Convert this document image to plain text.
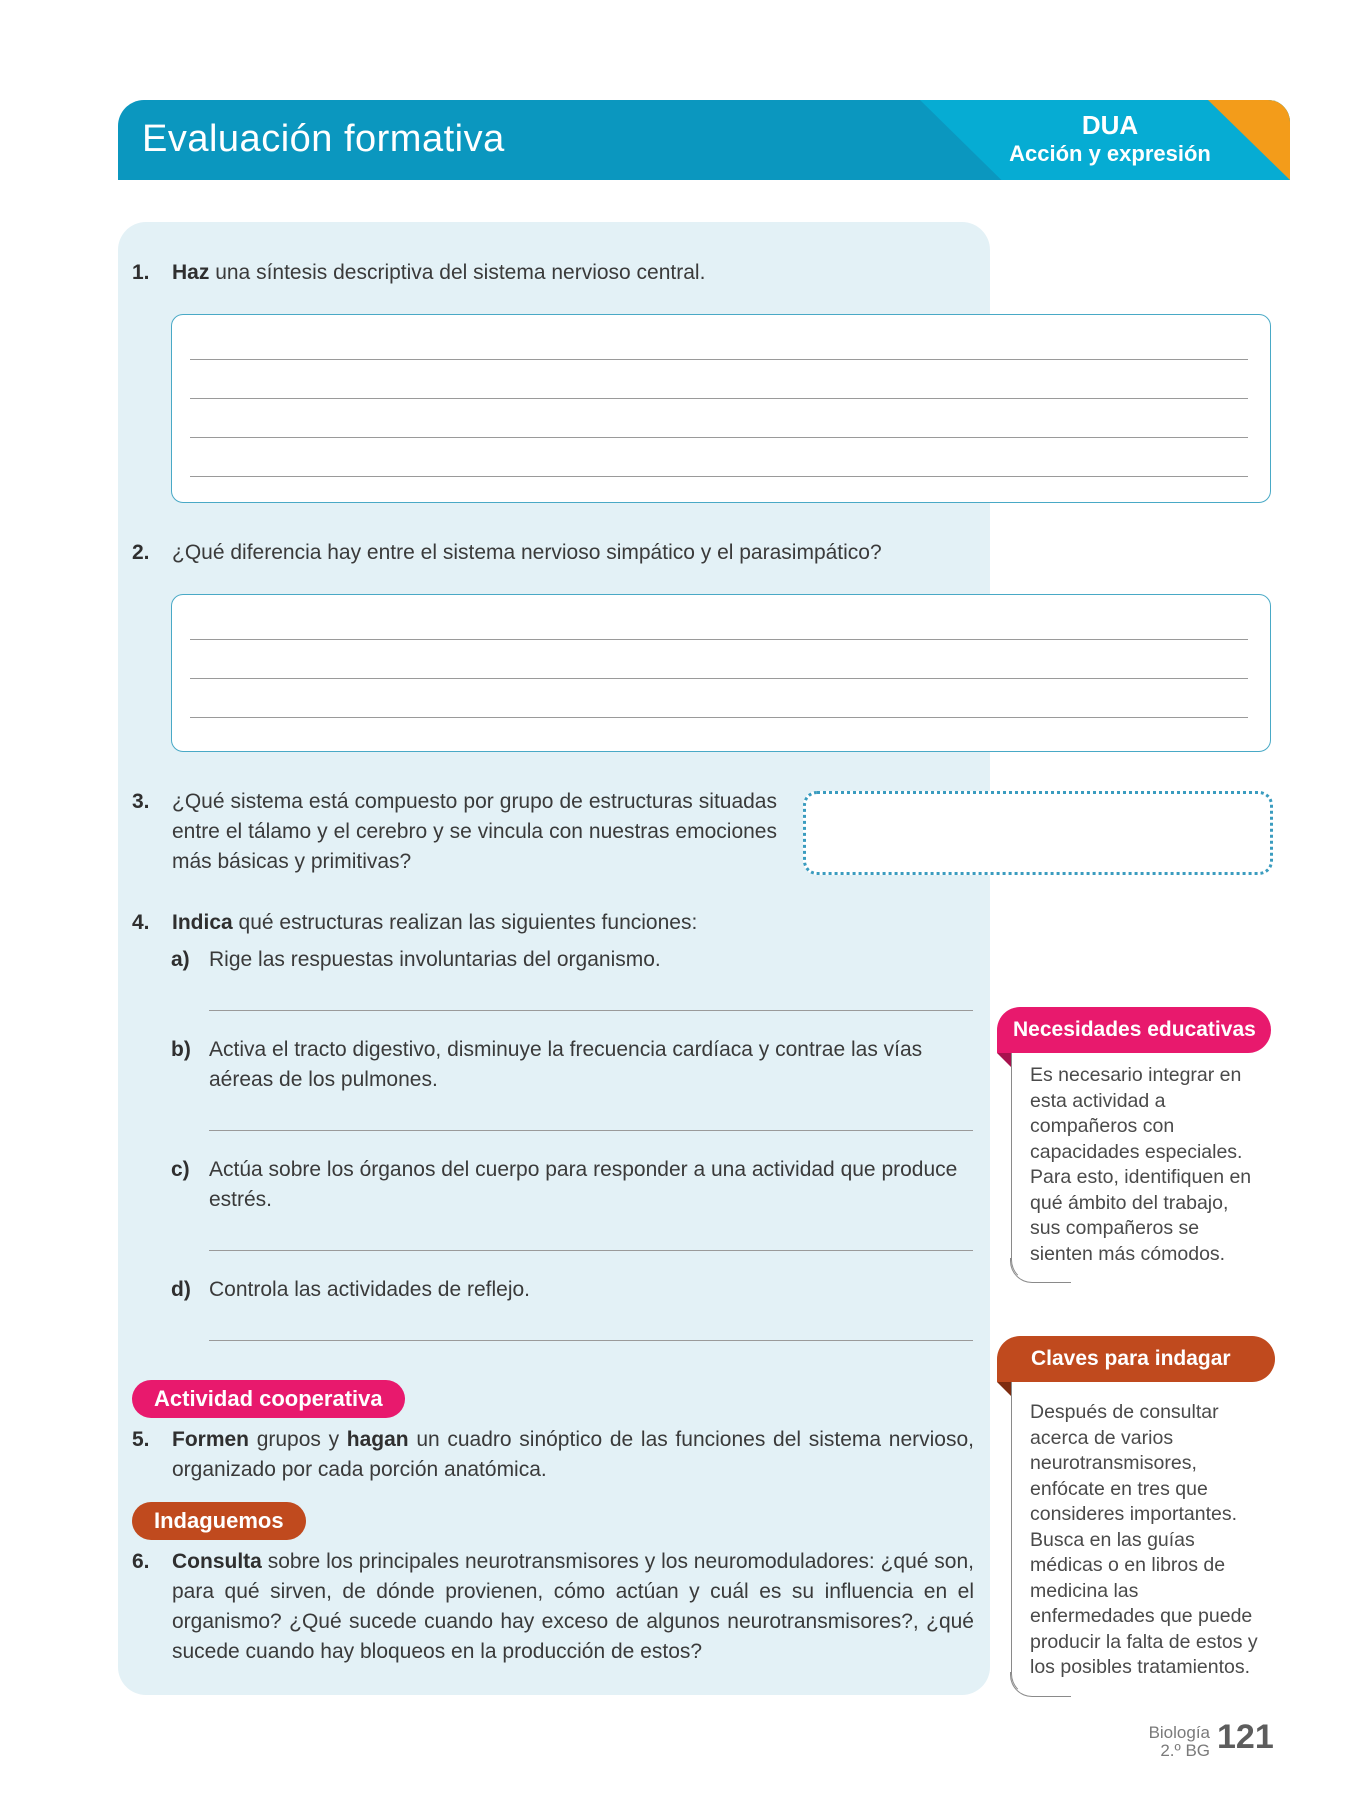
Evaluación formativa	DUA
Acción y expresión
1. Haz una síntesis descriptiva del sistema nervioso central.
2. ¿Qué diferencia hay entre el sistema nervioso simpático y el parasimpático?
3. ¿Qué sistema está compuesto por grupo de estructuras situadas entre el tálamo y el cerebro y se vincula con nuestras emociones más básicas y primitivas?
4. Indica qué estructuras realizan las siguientes funciones:
a) Rige las respuestas involuntarias del organismo.
b) Activa el tracto digestivo, disminuye la frecuencia cardíaca y contrae las vías aéreas de los pulmones.
c) Actúa sobre los órganos del cuerpo para responder a una actividad que produce estrés.
d) Controla las actividades de reflejo.
Actividad cooperativa
5. Formen grupos y hagan un cuadro sinóptico de las funciones del sistema nervioso, organizado por cada porción anatómica.
Indaguemos
6. Consulta sobre los principales neurotransmisores y los neuromoduladores: ¿qué son, para qué sirven, de dónde provienen, cómo actúan y cuál es su influencia en el organismo? ¿Qué sucede cuando hay exceso de algunos neurotransmisores?, ¿qué sucede cuando hay bloqueos en la producción de estos?
Necesidades educativas
Es necesario integrar en esta actividad a compañeros con capacidades especiales. Para esto, identifiquen en qué ámbito del trabajo, sus compañeros se sienten más cómodos.
Claves para indagar
Después de consultar acerca de varios neurotransmisores, enfócate en tres que consideres importantes. Busca en las guías médicas o en libros de medicina las enfermedades que puede producir la falta de estos y los posibles tratamientos.
Biología
2.º BG 121
